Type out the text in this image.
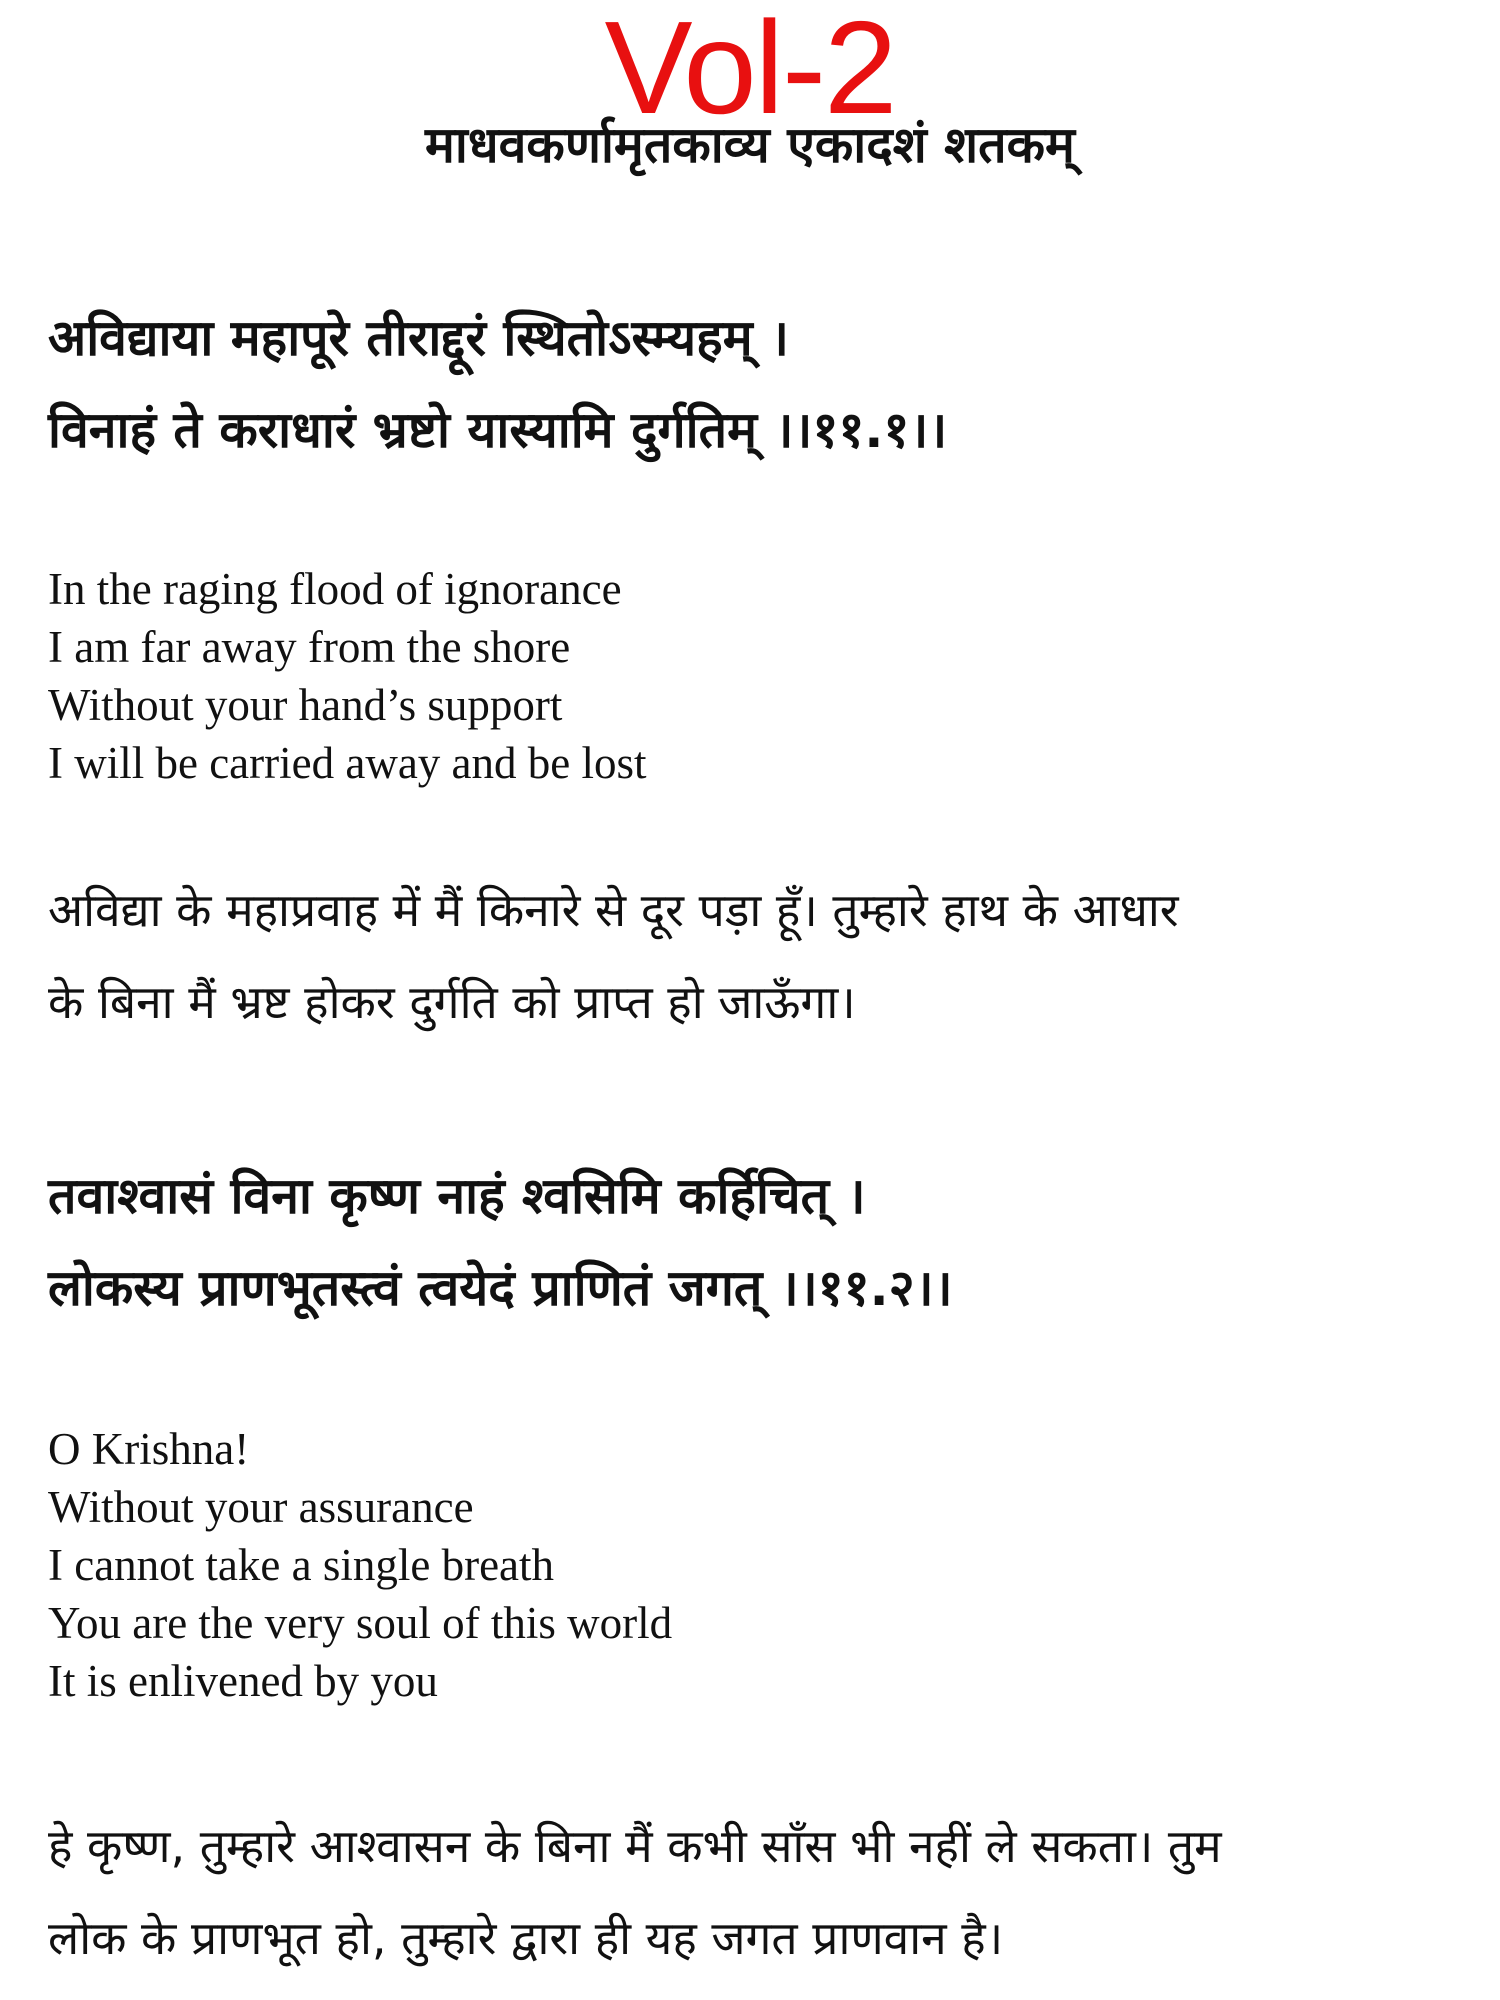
Vol-2
माधवकर्णामृतकाव्य एकादशं शतकम्
अविद्याया महापूरे तीराद्दूरं स्थितोऽस्म्यहम् ।
विनाहं ते कराधारं भ्रष्टो यास्यामि दुर्गतिम् ।।११.१।।
In the raging flood of ignorance
I am far away from the shore
Without your hand’s support
I will be carried away and be lost
अविद्या के महाप्रवाह में मैं किनारे से दूर पड़ा हूँ। तुम्हारे हाथ के आधार
के बिना मैं भ्रष्ट होकर दुर्गति को प्राप्त हो जाऊँगा।
तवाश्वासं विना कृष्ण नाहं श्वसिमि कर्हिचित् ।
लोकस्य प्राणभूतस्त्वं त्वयेदं प्राणितं जगत् ।।११.२।।
O Krishna!
Without your assurance
I cannot take a single breath
You are the very soul of this world
It is enlivened by you
हे कृष्ण, तुम्हारे आश्वासन के बिना मैं कभी साँस भी नहीं ले सकता। तुम
लोक के प्राणभूत हो, तुम्हारे द्वारा ही यह जगत प्राणवान है।
